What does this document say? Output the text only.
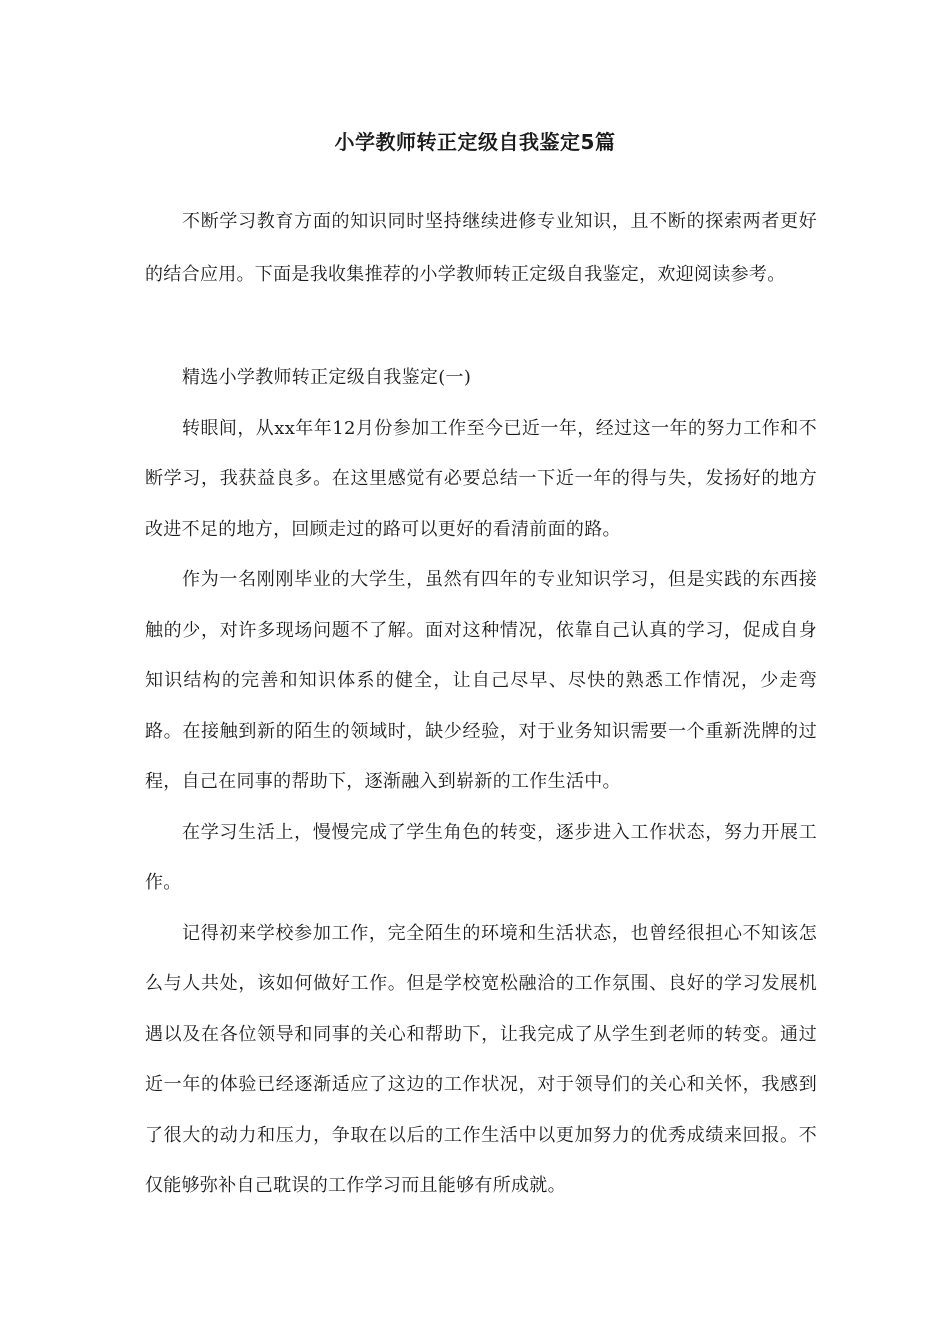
小学教师转正定级自我鉴定5篇

不断学习教育方面的知识同时坚持继续进修专业知识，且不断的探索两者更好的结合应用。下面是我收集推荐的小学教师转正定级自我鉴定，欢迎阅读参考。

精选小学教师转正定级自我鉴定(一)

转眼间，从xx年年12月份参加工作至今已近一年，经过这一年的努力工作和不断学习，我获益良多。在这里感觉有必要总结一下近一年的得与失，发扬好的地方改进不足的地方，回顾走过的路可以更好的看清前面的路。

作为一名刚刚毕业的大学生，虽然有四年的专业知识学习，但是实践的东西接触的少，对许多现场问题不了解。面对这种情况，依靠自己认真的学习，促成自身知识结构的完善和知识体系的健全，让自己尽早、尽快的熟悉工作情况，少走弯路。在接触到新的陌生的领域时，缺少经验，对于业务知识需要一个重新洗牌的过程，自己在同事的帮助下，逐渐融入到崭新的工作生活中。

在学习生活上，慢慢完成了学生角色的转变，逐步进入工作状态，努力开展工作。

记得初来学校参加工作，完全陌生的环境和生活状态，也曾经很担心不知该怎么与人共处，该如何做好工作。但是学校宽松融洽的工作氛围、良好的学习发展机遇以及在各位领导和同事的关心和帮助下，让我完成了从学生到老师的转变。通过近一年的体验已经逐渐适应了这边的工作状况，对于领导们的关心和关怀，我感到了很大的动力和压力，争取在以后的工作生活中以更加努力的优秀成绩来回报。不仅能够弥补自己耽误的工作学习而且能够有所成就。
